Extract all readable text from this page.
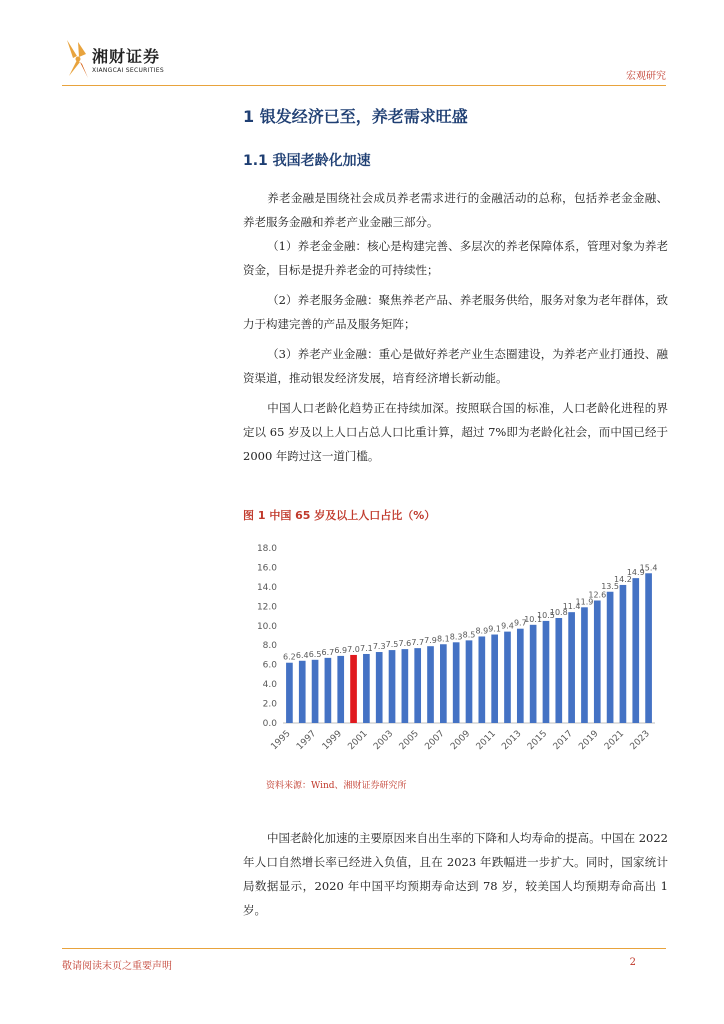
湘财证券
XIANGCAI SECURITIES
宏观研究
1 银发经济已至，养老需求旺盛
1.1 我国老龄化加速
养老金融是围绕社会成员养老需求进行的金融活动的总称，包括养老金金融、养老服务金融和养老产业金融三部分。
（1）养老金金融：核心是构建完善、多层次的养老保障体系，管理对象为养老资金，目标是提升养老金的可持续性；
（2）养老服务金融：聚焦养老产品、养老服务供给，服务对象为老年群体，致力于构建完善的产品及服务矩阵；
（3）养老产业金融：重心是做好养老产业生态圈建设，为养老产业打通投、融资渠道，推动银发经济发展，培育经济增长新动能。
中国人口老龄化趋势正在持续加深。按照联合国的标准，人口老龄化进程的界定以 65 岁及以上人口占总人口比重计算，超过 7%即为老龄化社会，而中国已经于 2000 年跨过这一道门槛。
图 1 中国 65 岁及以上人口占比（%）
0.0
2.0
4.0
6.0
8.0
10.0
12.0
14.0
16.0
18.0
6.2 6.4 6.5 6.7 6.9 7.0 7.1 7.3 7.5 7.6 7.7 7.9 8.1 8.3 8.5 8.9 9.1 9.4 9.7
10.1
10.5
10.8
11.4
11.9
12.6
13.5
14.2
14.9
15.4
1995 1997 1999 2001 2003 2005 2007 2009 2011 2013 2015 2017 2019 2021 2023
资料来源：Wind、湘财证券研究所
中国老龄化加速的主要原因来自出生率的下降和人均寿命的提高。中国在 2022 年人口自然增长率已经进入负值，且在 2023 年跌幅进一步扩大。同时，国家统计局数据显示，2020 年中国平均预期寿命达到 78 岁，较美国人均预期寿命高出 1 岁。
敬请阅读末页之重要声明	2
